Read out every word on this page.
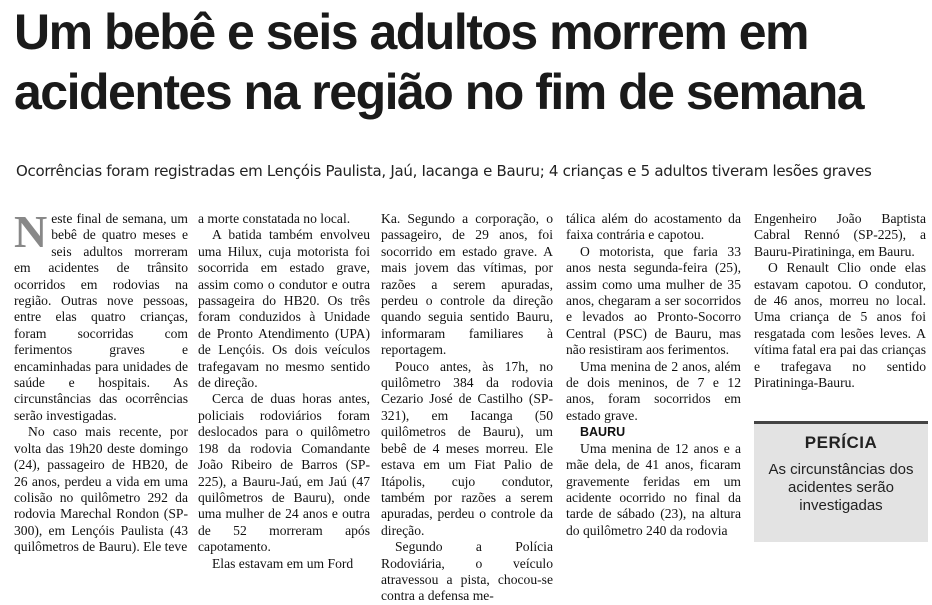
Um bebê e seis adultos morrem em acidentes na região no fim de semana

Ocorrências foram registradas em Lençóis Paulista, Jaú, Iacanga e Bauru; 4 crianças e 5 adultos tiveram lesões graves

N este final de semana, um bebê de quatro meses e seis adultos morreram em acidentes de trânsito ocorridos em rodovias na região. Outras nove pessoas, entre elas quatro crianças, foram socorridas com ferimentos graves e encaminhadas para unidades de saúde e hospitais. As circunstâncias das ocorrências serão investigadas.

No caso mais recente, por volta das 19h20 deste domingo (24), passageiro de HB20, de 26 anos, perdeu a vida em uma colisão no quilômetro 292 da rodovia Marechal Rondon (SP-300), em Lençóis Paulista (43 quilômetros de Bauru). Ele teve

a morte constatada no local.

A batida também envolveu uma Hilux, cuja motorista foi socorrida em estado grave, assim como o condutor e outra passageira do HB20. Os três foram conduzidos à Unidade de Pronto Atendimento (UPA) de Lençóis. Os dois veículos trafegavam no mesmo sentido de direção.

Cerca de duas horas antes, policiais rodoviários foram deslocados para o quilômetro 198 da rodovia Comandante João Ribeiro de Barros (SP-225), a Bauru-Jaú, em Jaú (47 quilômetros de Bauru), onde uma mulher de 24 anos e outra de 52 morreram após capotamento.

Elas estavam em um Ford

Ka. Segundo a corporação, o passageiro, de 29 anos, foi socorrido em estado grave. A mais jovem das vítimas, por razões a serem apuradas, perdeu o controle da direção quando seguia sentido Bauru, informaram familiares à reportagem.

Pouco antes, às 17h, no quilômetro 384 da rodovia Cezario José de Castilho (SP-321), em Iacanga (50 quilômetros de Bauru), um bebê de 4 meses morreu. Ele estava em um Fiat Palio de Itápolis, cujo condutor, também por razões a serem apuradas, perdeu o controle da direção.

Segundo a Polícia Rodoviária, o veículo atravessou a pista, chocou-se contra a defensa me-

tálica além do acostamento da faixa contrária e capotou.

O motorista, que faria 33 anos nesta segunda-feira (25), assim como uma mulher de 35 anos, chegaram a ser socorridos e levados ao Pronto-Socorro Central (PSC) de Bauru, mas não resistiram aos ferimentos.

Uma menina de 2 anos, além de dois meninos, de 7 e 12 anos, foram socorridos em estado grave.

BAURU

Uma menina de 12 anos e a mãe dela, de 41 anos, ficaram gravemente feridas em um acidente ocorrido no final da tarde de sábado (23), na altura do quilômetro 240 da rodovia

Engenheiro João Baptista Cabral Rennó (SP-225), a Bauru-Piratininga, em Bauru.

O Renault Clio onde elas estavam capotou. O condutor, de 46 anos, morreu no local. Uma criança de 5 anos foi resgatada com lesões leves. A vítima fatal era pai das crianças e trafegava no sentido Piratininga-Bauru.

PERÍCIA
As circunstâncias dos acidentes serão investigadas
